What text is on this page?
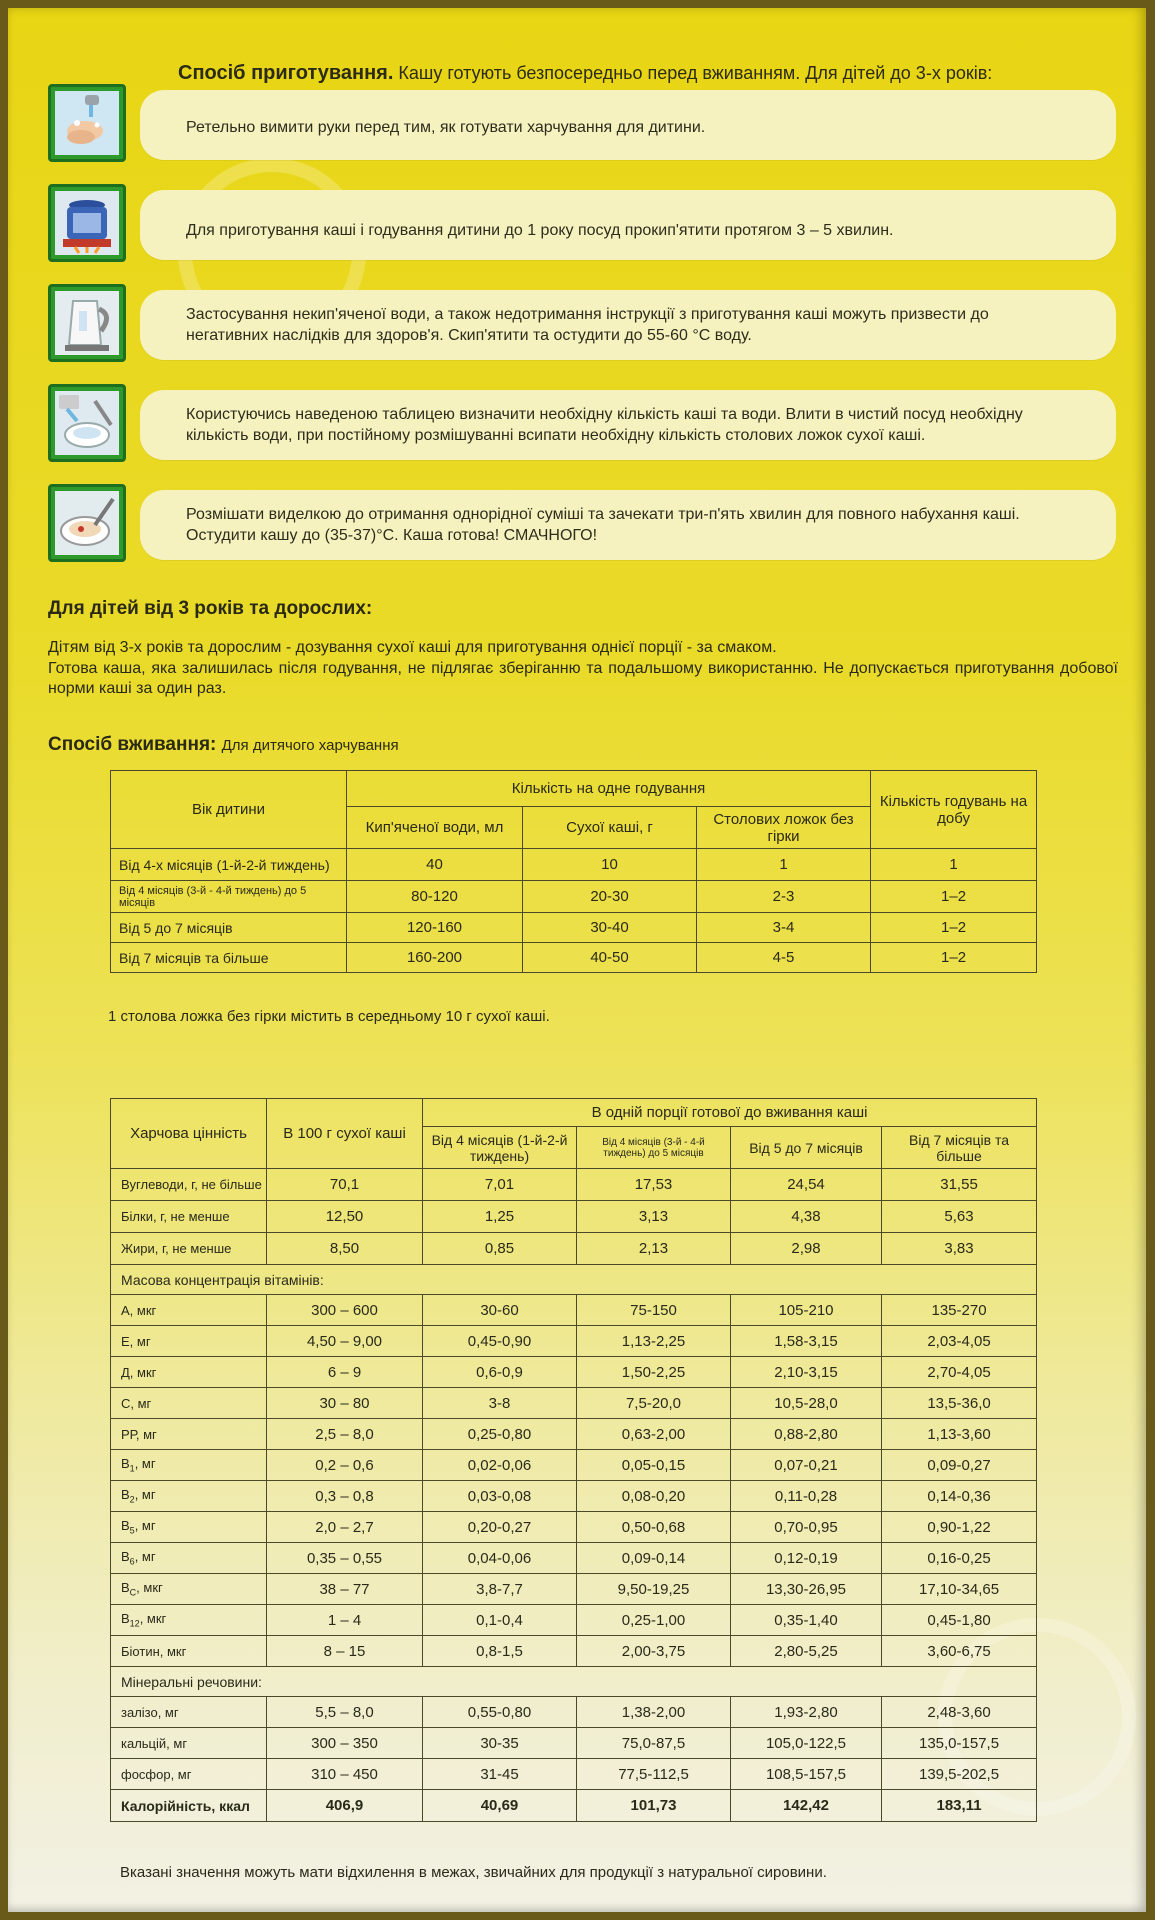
Спосіб приготування. Кашу готують безпосередньо перед вживанням. Для дітей до 3-х років:
Ретельно вимити руки перед тим, як готувати харчування для дитини.
Для приготування каші і годування дитини до 1 року посуд прокип'ятити протягом 3 – 5 хвилин.
Застосування некип'яченої води, а також недотримання інструкції з приготування каші можуть призвести до негативних наслідків для здоров'я. Скип'ятити та остудити до 55-60 °С воду.
Користуючись наведеною таблицею визначити необхідну кількість каші та води. Влити в чистий посуд необхідну кількість води, при постійному розмішуванні всипати необхідну кількість столових ложок сухої каші.
Розмішати виделкою до отримання однорідної суміші та зачекати три-п'ять хвилин для повного набухання каші. Остудити кашу до (35-37)°С. Каша готова! СМАЧНОГО!
Для дітей від 3 років та дорослих:
Дітям від 3-х років та дорослим - дозування сухої каші для приготування однієї порції - за смаком.
Готова каша, яка залишилась після годування, не підлягає зберіганню та подальшому використанню. Не допускається приготування добової норми каші за один раз.
Спосіб вживання: Для дитячого харчування
Вік дитини	Кількість на одне годування			Кількість годувань на добу
	Кип'яченої води, мл	Сухої каші, г	Столових ложок без гірки	
Від 4-х місяців (1-й-2-й тиждень)	40	10	1	1
Від 4 місяців (3-й - 4-й тиждень) до 5 місяців	80-120	20-30	2-3	1–2
Від 5 до 7 місяців	120-160	30-40	3-4	1–2
Від 7 місяців та більше	160-200	40-50	4-5	1–2
1 столова ложка без гірки містить в середньому 10 г сухої каші.
Харчова цінність	В 100 г сухої каші	В одній порції готової до вживання каші			
		Від 4 місяців (1-й-2-й тиждень)	Від 4 місяців (3-й - 4-й тиждень) до 5 місяців	Від 5 до 7 місяців	Від 7 місяців та більше
Вуглеводи, г, не більше	70,1	7,01	17,53	24,54	31,55
Білки, г, не менше	12,50	1,25	3,13	4,38	5,63
Жири, г, не менше	8,50	0,85	2,13	2,98	3,83
Масова концентрація вітамінів:					
А, мкг	300 – 600	30-60	75-150	105-210	135-270
Е, мг	4,50 – 9,00	0,45-0,90	1,13-2,25	1,58-3,15	2,03-4,05
Д, мкг	6 – 9	0,6-0,9	1,50-2,25	2,10-3,15	2,70-4,05
С, мг	30 – 80	3-8	7,5-20,0	10,5-28,0	13,5-36,0
РР, мг	2,5 – 8,0	0,25-0,80	0,63-2,00	0,88-2,80	1,13-3,60
$В_1$, мг	0,2 – 0,6	0,02-0,06	0,05-0,15	0,07-0,21	0,09-0,27
$В_2$, мг	0,3 – 0,8	0,03-0,08	0,08-0,20	0,11-0,28	0,14-0,36
$В_5$, мг	2,0 – 2,7	0,20-0,27	0,50-0,68	0,70-0,95	0,90-1,22
$В_6$, мг	0,35 – 0,55	0,04-0,06	0,09-0,14	0,12-0,19	0,16-0,25
$В_С$, мкг	38 – 77	3,8-7,7	9,50-19,25	13,30-26,95	17,10-34,65
$В_{12}$, мкг	1 – 4	0,1-0,4	0,25-1,00	0,35-1,40	0,45-1,80
Біотин, мкг	8 – 15	0,8-1,5	2,00-3,75	2,80-5,25	3,60-6,75
Мінеральні речовини:					
залізо, мг	5,5 – 8,0	0,55-0,80	1,38-2,00	1,93-2,80	2,48-3,60
кальцій, мг	300 – 350	30-35	75,0-87,5	105,0-122,5	135,0-157,5
фосфор, мг	310 – 450	31-45	77,5-112,5	108,5-157,5	139,5-202,5
Калорійність, ккал	406,9	40,69	101,73	142,42	183,11
Вказані значення можуть мати відхилення в межах, звичайних для продукції з натуральної сировини.
